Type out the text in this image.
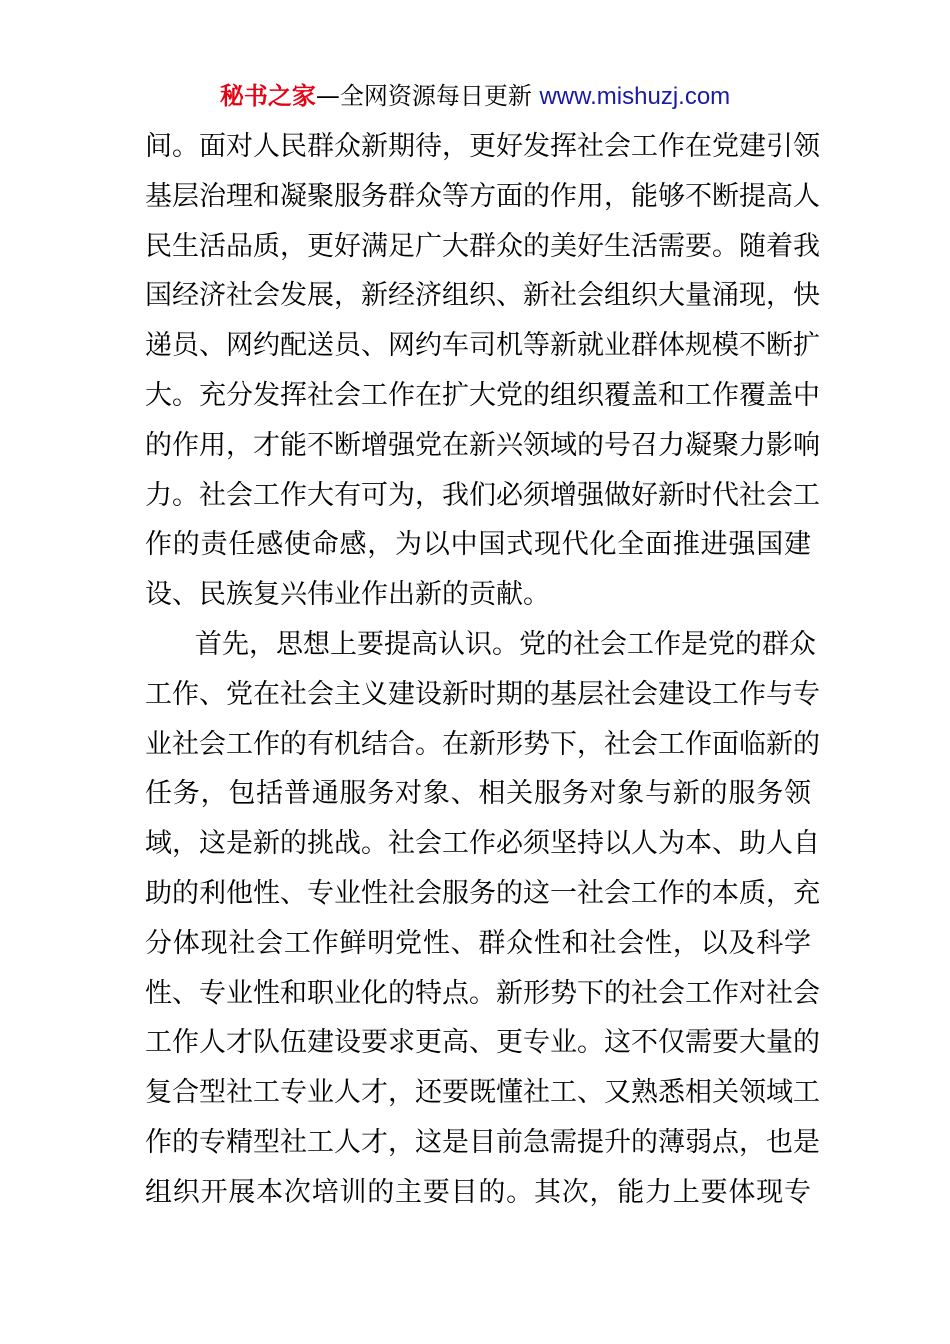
秘书之家—全网资源每日更新 www.mishuzj.com
间。面对人民群众新期待，更好发挥社会工作在党建引领
基层治理和凝聚服务群众等方面的作用，能够不断提高人
民生活品质，更好满足广大群众的美好生活需要。随着我
国经济社会发展，新经济组织、新社会组织大量涌现，快
递员、网约配送员、网约车司机等新就业群体规模不断扩
大。充分发挥社会工作在扩大党的组织覆盖和工作覆盖中
的作用，才能不断增强党在新兴领域的号召力凝聚力影响
力。社会工作大有可为，我们必须增强做好新时代社会工
作的责任感使命感，为以中国式现代化全面推进强国建
设、民族复兴伟业作出新的贡献。
首先，思想上要提高认识。党的社会工作是党的群众
工作、党在社会主义建设新时期的基层社会建设工作与专
业社会工作的有机结合。在新形势下，社会工作面临新的
任务，包括普通服务对象、相关服务对象与新的服务领
域，这是新的挑战。社会工作必须坚持以人为本、助人自
助的利他性、专业性社会服务的这一社会工作的本质，充
分体现社会工作鲜明党性、群众性和社会性，以及科学
性、专业性和职业化的特点。新形势下的社会工作对社会
工作人才队伍建设要求更高、更专业。这不仅需要大量的
复合型社工专业人才，还要既懂社工、又熟悉相关领域工
作的专精型社工人才，这是目前急需提升的薄弱点，也是
组织开展本次培训的主要目的。其次，能力上要体现专
